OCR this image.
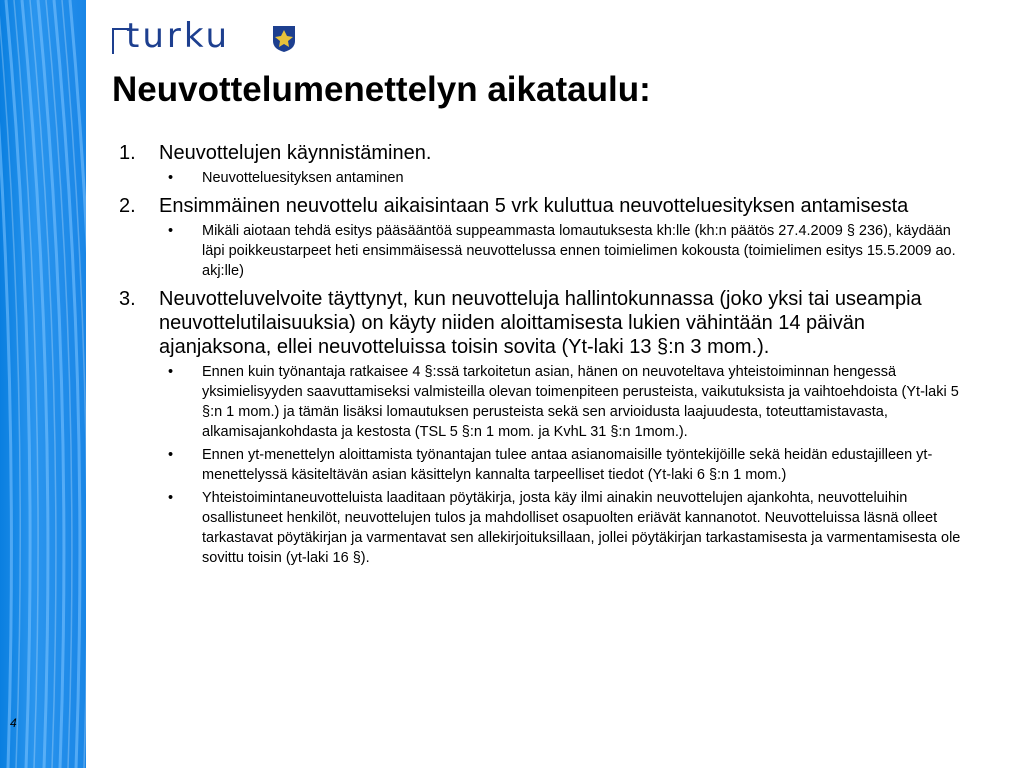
4
turku
Neuvottelumenettelyn aikataulu:
1.	Neuvottelujen käynnistäminen.
•	Neuvotteluesityksen antaminen
2.	Ensimmäinen neuvottelu aikaisintaan 5 vrk kuluttua neuvotteluesityksen antamisesta
•	Mikäli aiotaan tehdä esitys pääsääntöä suppeammasta lomautuksesta kh:lle (kh:n päätös 27.4.2009 § 236), käydään läpi poikkeustarpeet heti ensimmäisessä neuvottelussa ennen toimielimen kokousta (toimielimen esitys 15.5.2009 ao. akj:lle)
3.	Neuvotteluvelvoite täyttynyt, kun neuvotteluja hallintokunnassa (joko yksi tai useampia neuvottelutilaisuuksia) on käyty niiden aloittamisesta lukien vähintään 14 päivän ajanjaksona, ellei neuvotteluissa toisin sovita (Yt-laki 13 §:n 3 mom.).
•	Ennen kuin työnantaja ratkaisee 4 §:ssä tarkoitetun asian, hänen on neuvoteltava yhteistoiminnan hengessä yksimielisyyden saavuttamiseksi valmisteilla olevan toimenpiteen perusteista, vaikutuksista ja vaihtoehdoista (Yt-laki 5 §:n 1 mom.) ja tämän lisäksi lomautuksen perusteista sekä sen arvioidusta laajuudesta, toteuttamistavasta, alkamisajankohdasta ja kestosta (TSL 5 §:n 1 mom. ja KvhL 31 §:n 1mom.).
•	Ennen yt-menettelyn aloittamista työnantajan tulee antaa asianomaisille työntekijöille sekä heidän edustajilleen yt-menettelyssä käsiteltävän asian käsittelyn kannalta tarpeelliset tiedot (Yt-laki 6 §:n 1 mom.)
•	Yhteistoimintaneuvotteluista laaditaan pöytäkirja, josta käy ilmi ainakin neuvottelujen ajankohta, neuvotteluihin osallistuneet henkilöt, neuvottelujen tulos ja mahdolliset osapuolten eriävät kannanotot. Neuvotteluissa läsnä olleet tarkastavat pöytäkirjan ja varmentavat sen allekirjoituksillaan, jollei pöytäkirjan tarkastamisesta ja varmentamisesta ole sovittu toisin (yt-laki 16 §).
